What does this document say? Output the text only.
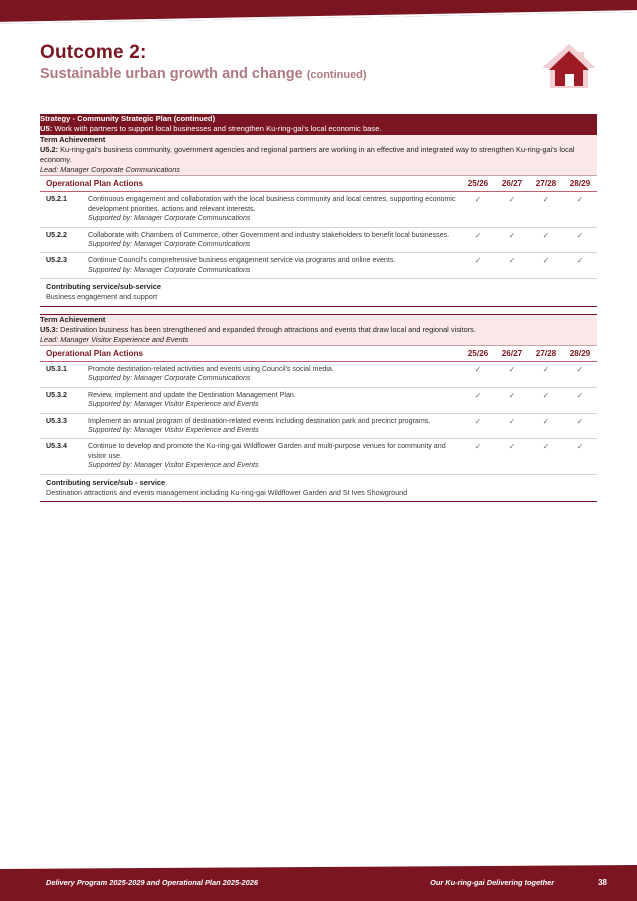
Outcome 2:
Sustainable urban growth and change (continued)
Strategy - Community Strategic Plan (continued)
U5: Work with partners to support local businesses and strengthen Ku-ring-gai's local economic base.					

Term Achievement
U5.2: Ku-ring-gai's business community, government agencies and regional partners are working in an effective and integrated way to strengthen Ku-ring-gai's local economy.
Lead: Manager Corporate Communications					

Operational Plan Actions		25/26	26/27	27/28	28/29
U5.2.1	Continuous engagement and collaboration with the local business community and local centres, supporting economic development priorities, actions and relevant interests.
Supported by: Manager Corporate Communications	✓	✓	✓	✓
U5.2.2	Collaborate with Chambers of Commerce, other Government and industry stakeholders to benefit local businesses.
Supported by: Manager Corporate Communications	✓	✓	✓	✓
U5.2.3	Continue Council's comprehensive business engagement service via programs and online events.
Supported by: Manager Corporate Communications	✓	✓	✓	✓

Contributing service/sub-service
Business engagement and support					

Term Achievement
U5.3: Destination business has been strengthened and expanded through attractions and events that draw local and regional visitors.
Lead: Manager Visitor Experience and Events					

Operational Plan Actions		25/26	26/27	27/28	28/29
U5.3.1	Promote destination-related activities and events using Council's social media.
Supported by: Manager Corporate Communications	✓	✓	✓	✓
U5.3.2	Review, implement and update the Destination Management Plan.
Supported by: Manager Visitor Experience and Events	✓	✓	✓	✓
U5.3.3	Implement an annual program of destination-related events including destination park and precinct programs.
Supported by: Manager Visitor Experience and Events	✓	✓	✓	✓
U5.3.4	Continue to develop and promote the Ku-ring-gai Wildflower Garden and multi-purpose venues for community and visitor use.
Supported by: Manager Visitor Experience and Events	✓	✓	✓	✓

Contributing service/sub - service
Destination attractions and events management including Ku-ring-gai Wildflower Garden and St Ives Showground					
Delivery Program 2025-2029 and Operational Plan 2025-2026	Our Ku-ring-gai Delivering together	38
